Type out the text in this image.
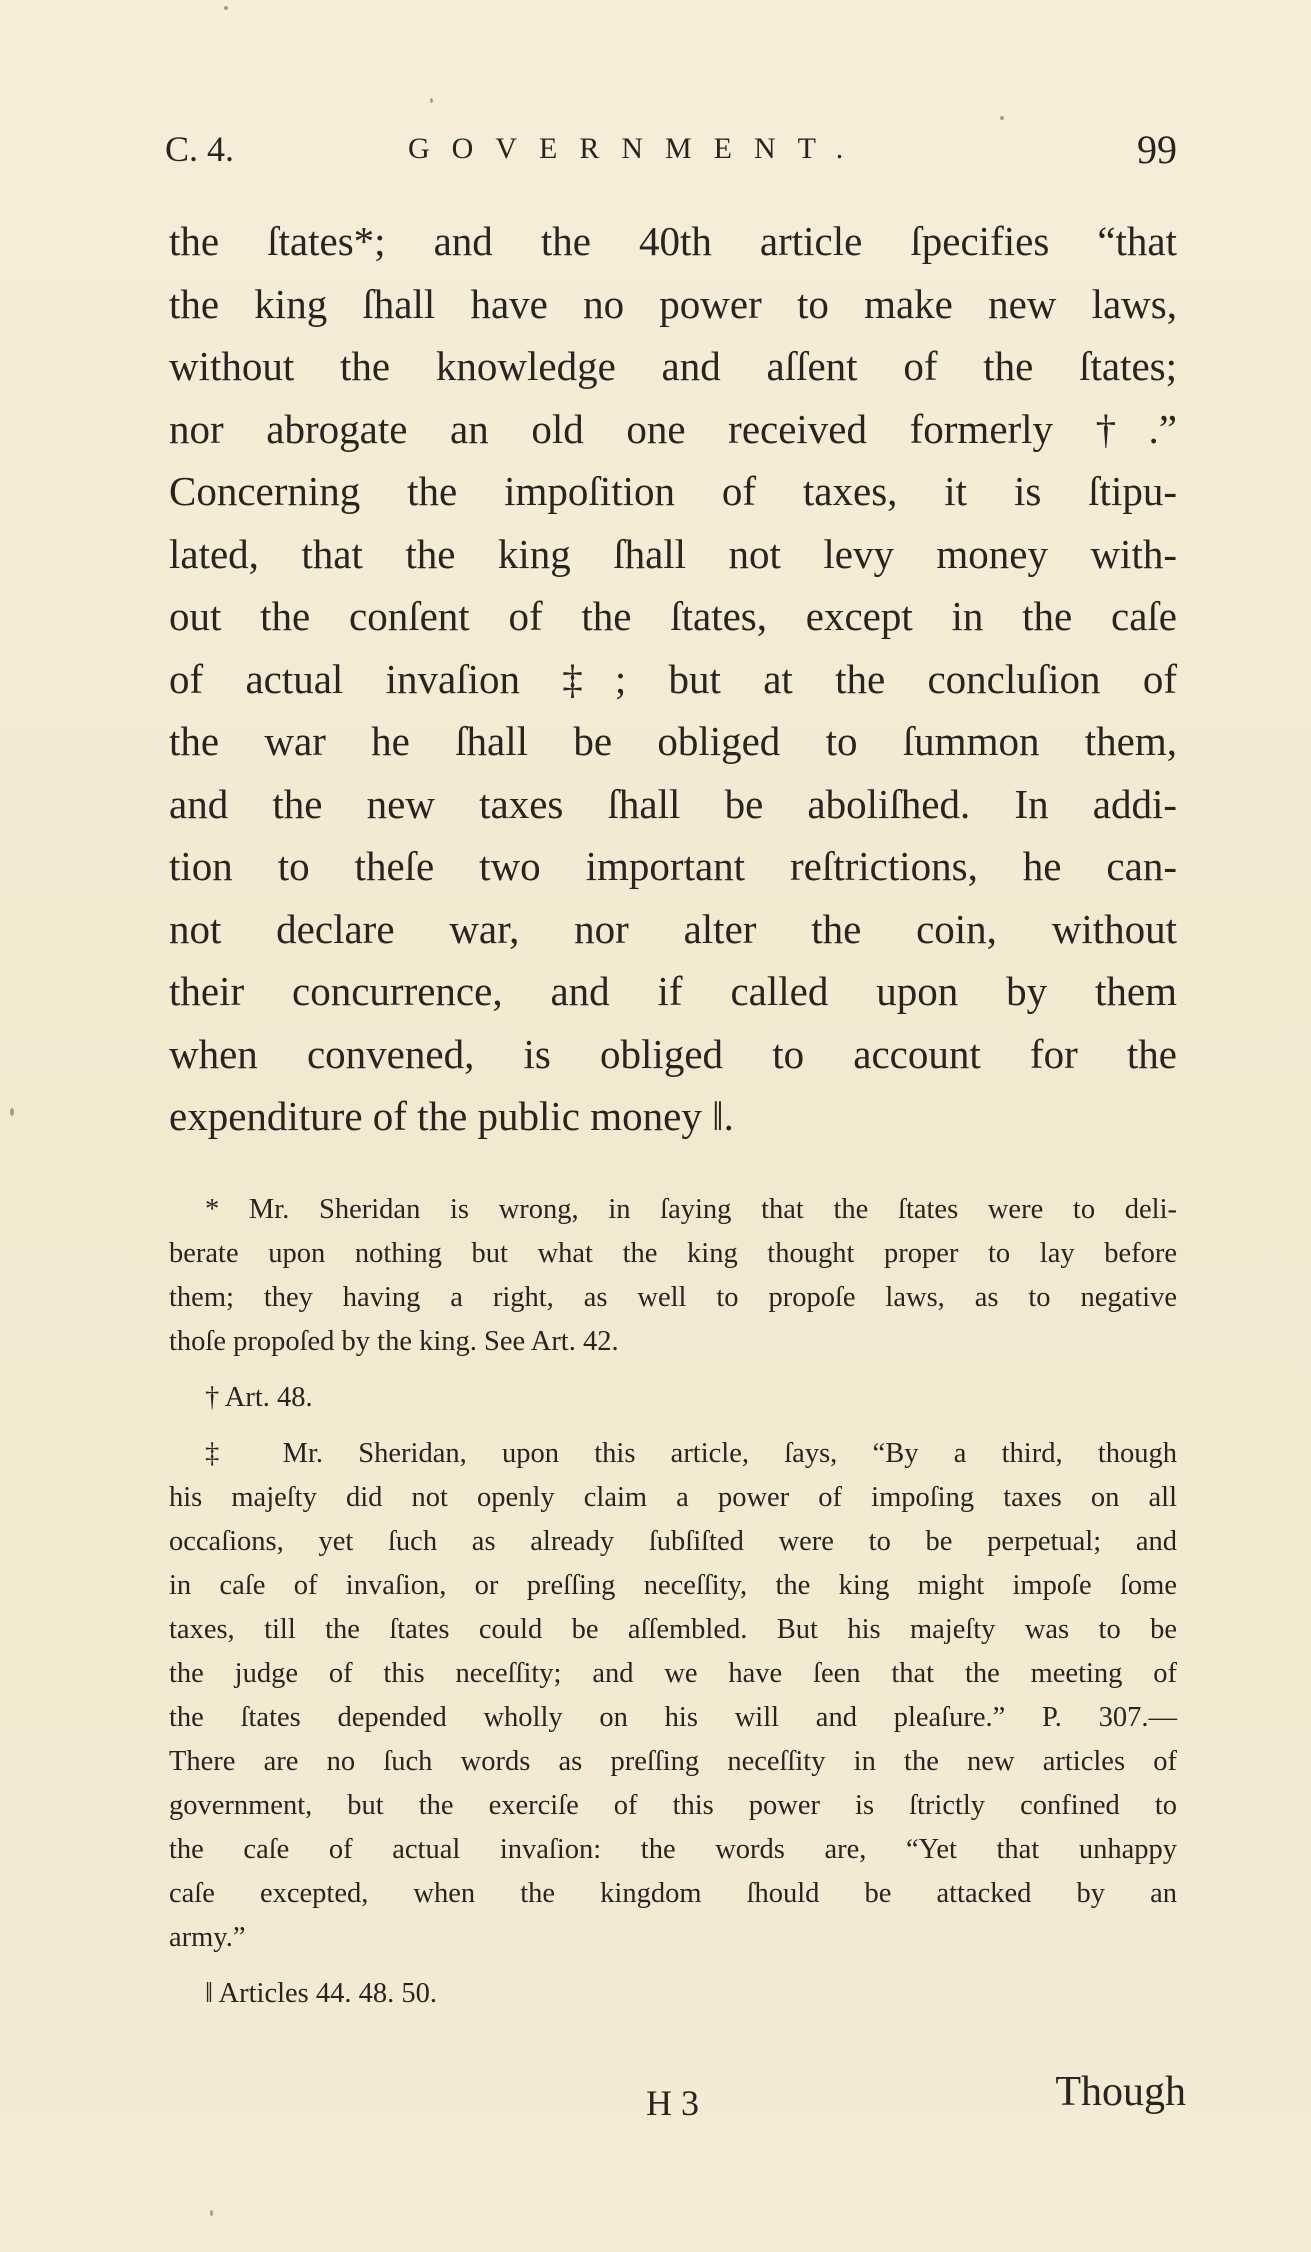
C. 4.	GOVERNMENT.	99
the ſtates*; and the 40th article ſpecifies “that
the king ſhall have no power to make new laws,
without the knowledge and aſſent of the ſtates;
nor abrogate an old one received formerly †.”
Concerning the impoſition of taxes, it is ſtipu-
lated, that the king ſhall not levy money with-
out the conſent of the ſtates, except in the caſe
of actual invaſion ‡; but at the concluſion of
the war he ſhall be obliged to ſummon them,
and the new taxes ſhall be aboliſhed. In addi-
tion to theſe two important reſtrictions, he can-
not declare war, nor alter the coin, without
their concurrence, and if called upon by them
when convened, is obliged to account for the
expenditure of the public money ‖.
* Mr. Sheridan is wrong, in ſaying that the ſtates were to deli-
berate upon nothing but what the king thought proper to lay before
them; they having a right, as well to propoſe laws, as to negative
thoſe propoſed by the king. See Art. 42.
† Art. 48.
‡ Mr. Sheridan, upon this article, ſays, “By a third, though
his majeſty did not openly claim a power of impoſing taxes on all
occaſions, yet ſuch as already ſubſiſted were to be perpetual; and
in caſe of invaſion, or preſſing neceſſity, the king might impoſe ſome
taxes, till the ſtates could be aſſembled. But his majeſty was to be
the judge of this neceſſity; and we have ſeen that the meeting of
the ſtates depended wholly on his will and pleaſure.” P. 307.—
There are no ſuch words as preſſing neceſſity in the new articles of
government, but the exerciſe of this power is ſtrictly confined to
the caſe of actual invaſion: the words are, “Yet that unhappy
caſe excepted, when the kingdom ſhould be attacked by an
army.”
‖ Articles 44. 48. 50.
H 3	Though
